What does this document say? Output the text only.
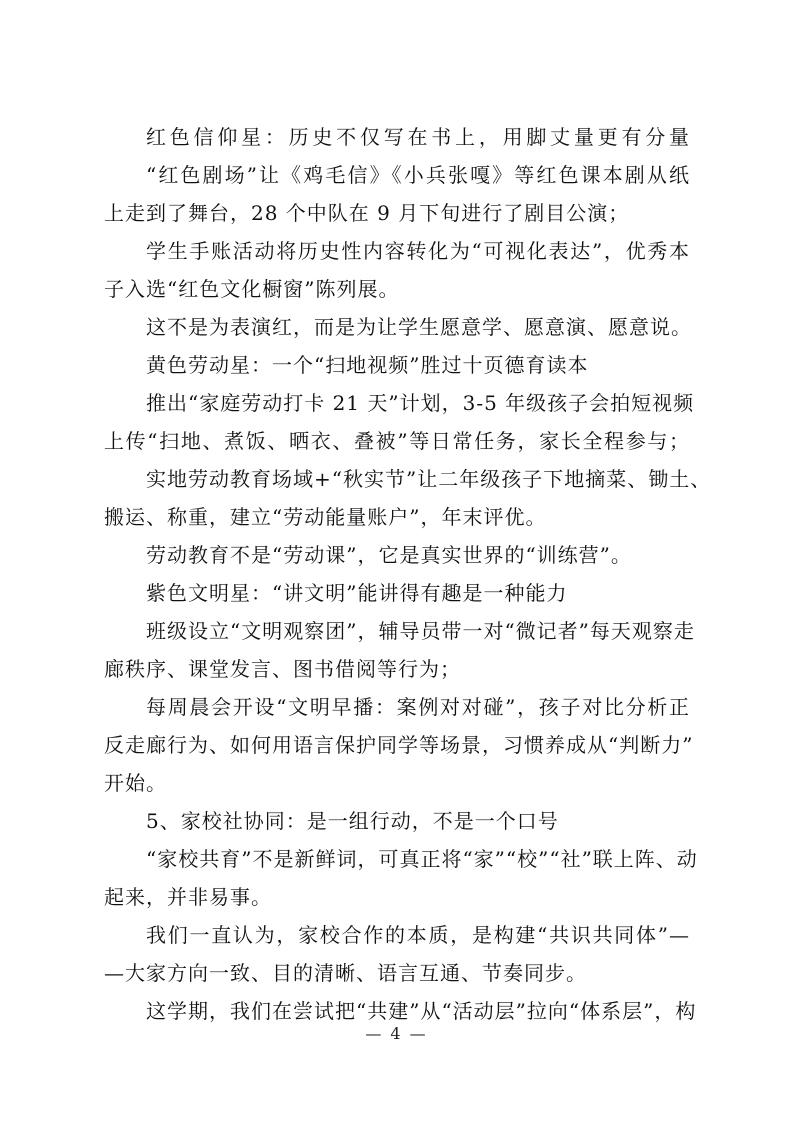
红色信仰星：历史不仅写在书上，用脚丈量更有分量
“红色剧场”让《鸡毛信》《小兵张嘎》等红色课本剧从纸
上走到了舞台，28 个中队在 9 月下旬进行了剧目公演；
学生手账活动将历史性内容转化为“可视化表达”，优秀本
子入选“红色文化橱窗”陈列展。
这不是为表演红，而是为让学生愿意学、愿意演、愿意说。
黄色劳动星：一个“扫地视频”胜过十页德育读本
推出“家庭劳动打卡 21 天”计划，3-5 年级孩子会拍短视频
上传“扫地、煮饭、晒衣、叠被”等日常任务，家长全程参与；
实地劳动教育场域+“秋实节”让二年级孩子下地摘菜、锄土、
搬运、称重，建立“劳动能量账户”，年末评优。
劳动教育不是“劳动课”，它是真实世界的“训练营”。
紫色文明星：“讲文明”能讲得有趣是一种能力
班级设立“文明观察团”，辅导员带一对“微记者”每天观察走
廊秩序、课堂发言、图书借阅等行为；
每周晨会开设“文明早播：案例对对碰”，孩子对比分析正
反走廊行为、如何用语言保护同学等场景，习惯养成从“判断力”
开始。
5、家校社协同：是一组行动，不是一个口号
“家校共育”不是新鲜词，可真正将“家”“校”“社”联上阵、动
起来，并非易事。
我们一直认为，家校合作的本质，是构建“共识共同体”—
—大家方向一致、目的清晰、语言互通、节奏同步。
这学期，我们在尝试把“共建”从“活动层”拉向“体系层”，构
— 4 —
